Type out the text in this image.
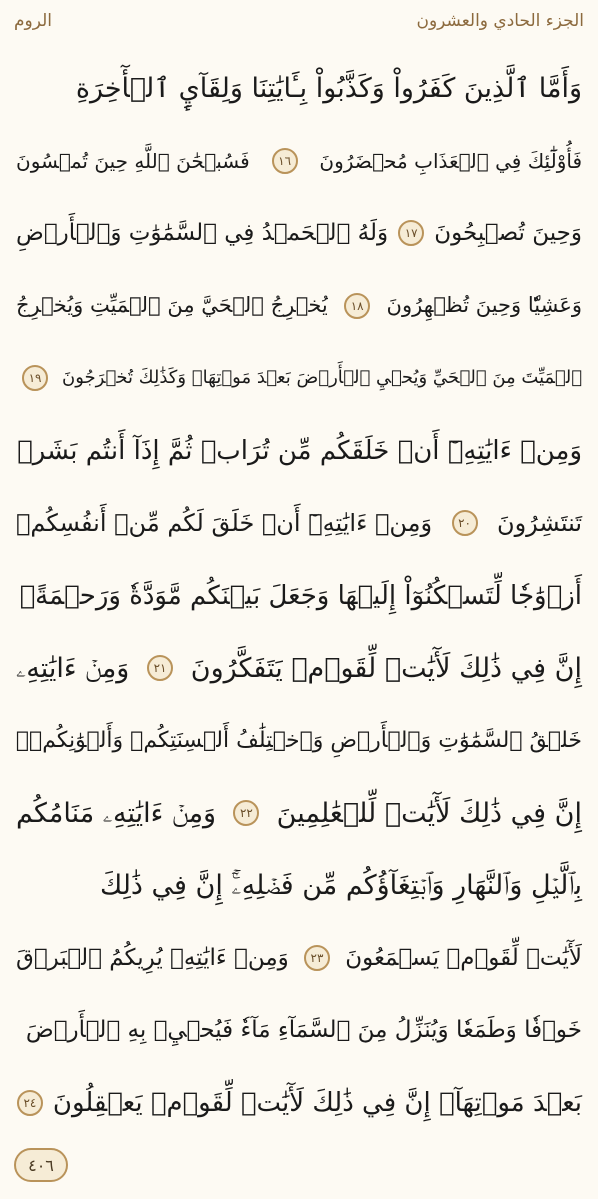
الروم	الجزء الحادي والعشرون
وَأَمَّا ٱلَّذِينَ كَفَرُواْ وَكَذَّبُواْ بِـَٔايَٰتِنَا وَلِقَآيِٕ ٱلۡأٓخِرَةِ
فَأُوْلَٰٓئِكَ فِي ٱلۡعَذَابِ مُحۡضَرُونَ
١٦
فَسُبۡحَٰنَ ٱللَّهِ حِينَ تُمۡسُونَ
وَحِينَ تُصۡبِحُونَ
١٧
وَلَهُ ٱلۡحَمۡدُ فِي ٱلسَّمَٰوَٰتِ وَٱلۡأَرۡضِ
وَعَشِيّٗا وَحِينَ تُظۡهِرُونَ
١٨
يُخۡرِجُ ٱلۡحَيَّ مِنَ ٱلۡمَيِّتِ وَيُخۡرِجُ
ٱلۡمَيِّتَ مِنَ ٱلۡحَيِّ وَيُحۡيِ ٱلۡأَرۡضَ بَعۡدَ مَوۡتِهَاۚ وَكَذَٰلِكَ تُخۡرَجُونَ
١٩
وَمِنۡ ءَايَٰتِهِۦٓ أَنۡ خَلَقَكُم مِّن تُرَابٖ ثُمَّ إِذَآ أَنتُم بَشَرٞ
تَنتَشِرُونَ
٢٠
وَمِنۡ ءَايَٰتِهِۦٓ أَنۡ خَلَقَ لَكُم مِّنۡ أَنفُسِكُمۡ
أَزۡوَٰجٗا لِّتَسۡكُنُوٓاْ إِلَيۡهَا وَجَعَلَ بَيۡنَكُم مَّوَدَّةٗ وَرَحۡمَةًۚ
إِنَّ فِي ذَٰلِكَ لَأٓيَٰتٖ لِّقَوۡمٖ يَتَفَكَّرُونَ
٢١
وَمِنۡ ءَايَٰتِهِۦ
خَلۡقُ ٱلسَّمَٰوَٰتِ وَٱلۡأَرۡضِ وَٱخۡتِلَٰفُ أَلۡسِنَتِكُمۡ وَأَلۡوَٰنِكُمۡۚ
إِنَّ فِي ذَٰلِكَ لَأٓيَٰتٖ لِّلۡعَٰلِمِينَ
٢٢
وَمِنۡ ءَايَٰتِهِۦ مَنَامُكُم
بِٱلَّيۡلِ وَٱلنَّهَارِ وَٱبۡتِغَآؤُكُم مِّن فَضۡلِهِۦٓۚ إِنَّ فِي ذَٰلِكَ
لَأٓيَٰتٖ لِّقَوۡمٖ يَسۡمَعُونَ
٢٣
وَمِنۡ ءَايَٰتِهِۦ يُرِيكُمُ ٱلۡبَرۡقَ
خَوۡفٗا وَطَمَعٗا وَيُنَزِّلُ مِنَ ٱلسَّمَآءِ مَآءٗ فَيُحۡيِۦ بِهِ ٱلۡأَرۡضَ
بَعۡدَ مَوۡتِهَآۚ إِنَّ فِي ذَٰلِكَ لَأٓيَٰتٖ لِّقَوۡمٖ يَعۡقِلُونَ
٢٤
٤٠٦
